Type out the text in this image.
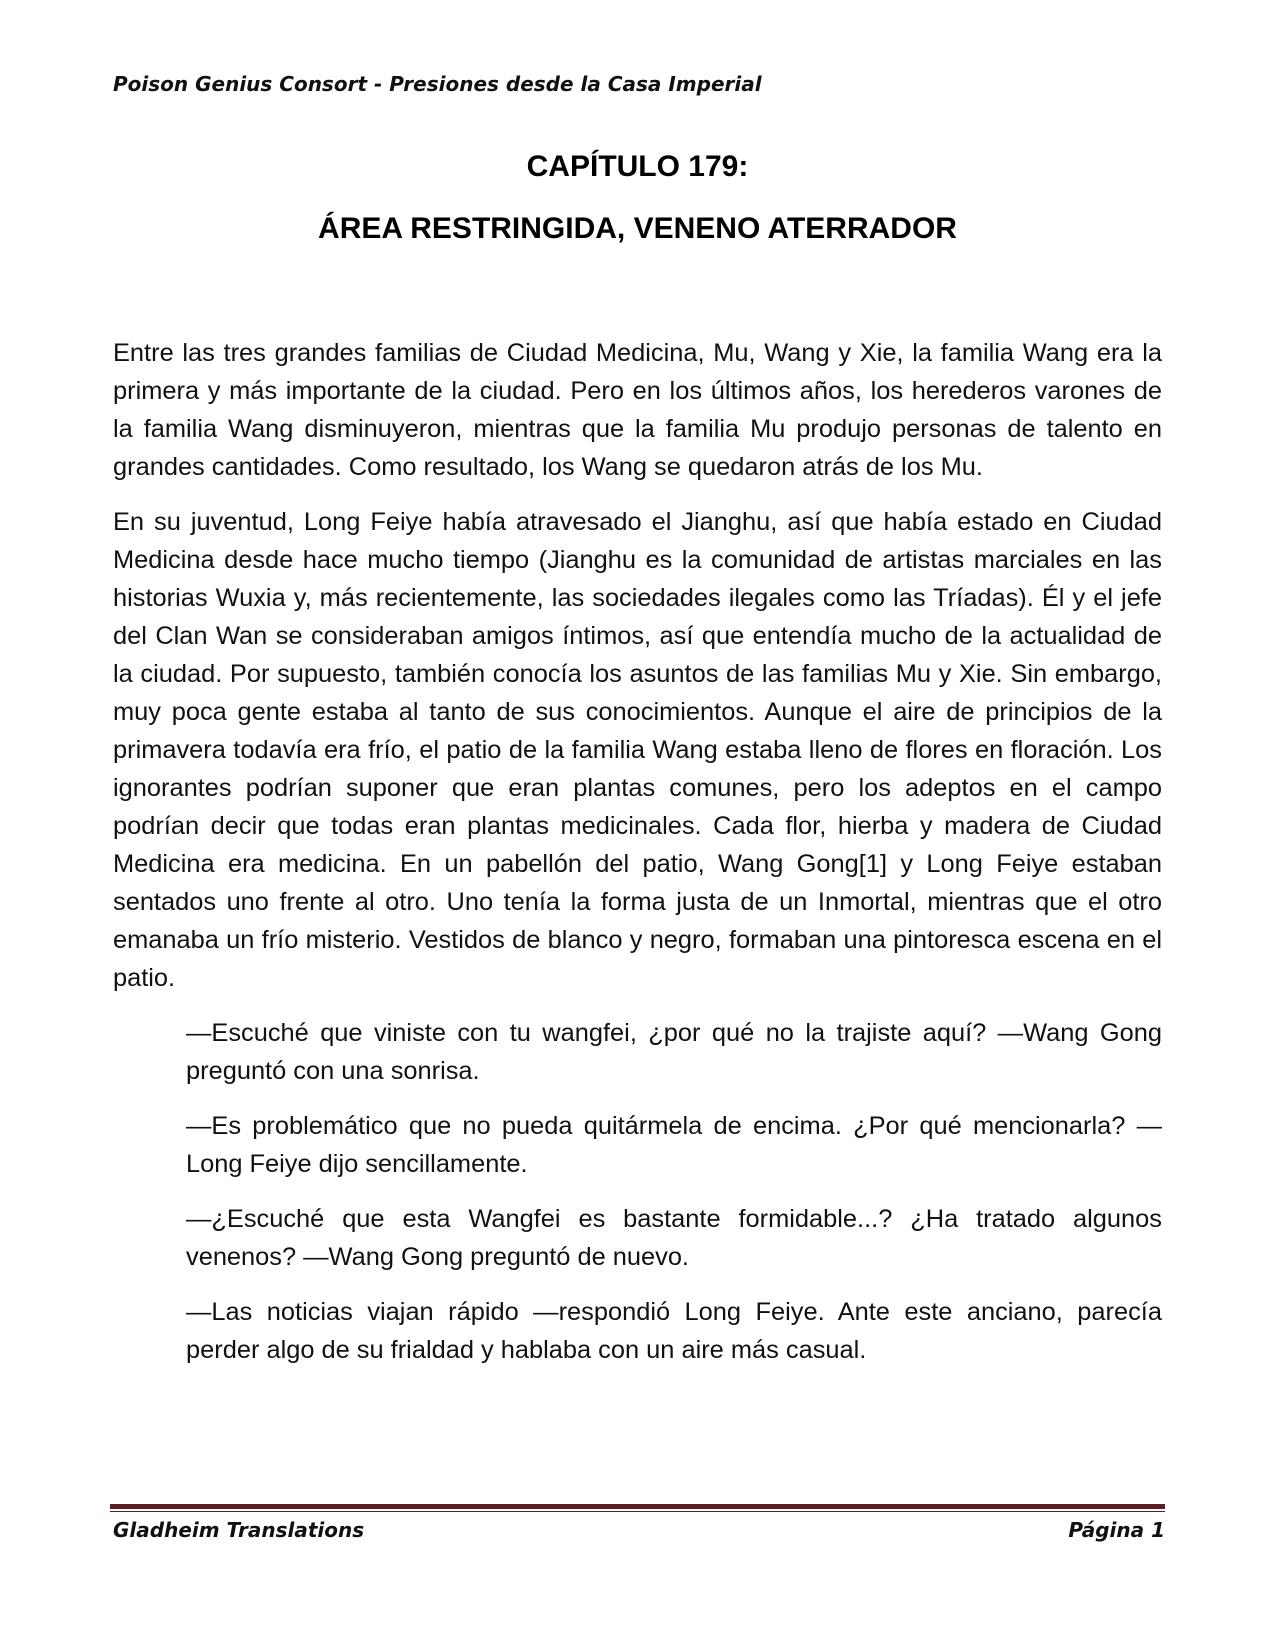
Poison Genius Consort - Presiones desde la Casa Imperial
CAPÍTULO 179:
ÁREA RESTRINGIDA, VENENO ATERRADOR

Entre las tres grandes familias de Ciudad Medicina, Mu, Wang y Xie, la familia Wang era la primera y más importante de la ciudad. Pero en los últimos años, los herederos varones de la familia Wang disminuyeron, mientras que la familia Mu produjo personas de talento en grandes cantidades. Como resultado, los Wang se quedaron atrás de los Mu.

En su juventud, Long Feiye había atravesado el Jianghu, así que había estado en Ciudad Medicina desde hace mucho tiempo (Jianghu es la comunidad de artistas marciales en las historias Wuxia y, más recientemente, las sociedades ilegales como las Tríadas). Él y el jefe del Clan Wan se consideraban amigos íntimos, así que entendía mucho de la actualidad de la ciudad. Por supuesto, también conocía los asuntos de las familias Mu y Xie. Sin embargo, muy poca gente estaba al tanto de sus conocimientos. Aunque el aire de principios de la primavera todavía era frío, el patio de la familia Wang estaba lleno de flores en floración. Los ignorantes podrían suponer que eran plantas comunes, pero los adeptos en el campo podrían decir que todas eran plantas medicinales. Cada flor, hierba y madera de Ciudad Medicina era medicina. En un pabellón del patio, Wang Gong[1] y Long Feiye estaban sentados uno frente al otro. Uno tenía la forma justa de un Inmortal, mientras que el otro emanaba un frío misterio. Vestidos de blanco y negro, formaban una pintoresca escena en el patio.

—Escuché que viniste con tu wangfei, ¿por qué no la trajiste aquí? —Wang Gong preguntó con una sonrisa.

—Es problemático que no pueda quitármela de encima. ¿Por qué mencionarla? —Long Feiye dijo sencillamente.

—¿Escuché que esta Wangfei es bastante formidable...? ¿Ha tratado algunos venenos? —Wang Gong preguntó de nuevo.

—Las noticias viajan rápido —respondió Long Feiye. Ante este anciano, parecía perder algo de su frialdad y hablaba con un aire más casual.

Gladheim Translations	Página 1
